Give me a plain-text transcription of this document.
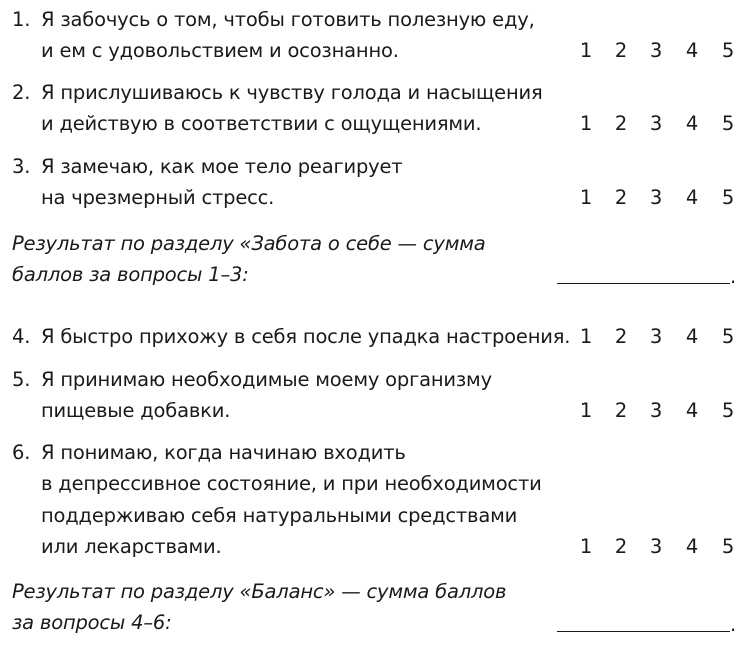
1. Я забочусь о том, чтобы готовить полезную еду,
и ем с удовольствием и осознанно.	1 2 3 4 5
2. Я прислушиваюсь к чувству голода и насыщения
и действую в соответствии с ощущениями.	1 2 3 4 5
3. Я замечаю, как мое тело реагирует
на чрезмерный стресс.	1 2 3 4 5
Результат по разделу «Забота о себе — сумма
баллов за вопросы 1–3:	.
4. Я быстро прихожу в себя после упадка настроения. 1 2 3 4 5
5. Я принимаю необходимые моему организму
пищевые добавки.	1 2 3 4 5
6. Я понимаю, когда начинаю входить
в депрессивное состояние, и при необходимости
поддерживаю себя натуральными средствами
или лекарствами.	1 2 3 4 5
Результат по разделу «Баланс» — сумма баллов
за вопросы 4–6:	.
